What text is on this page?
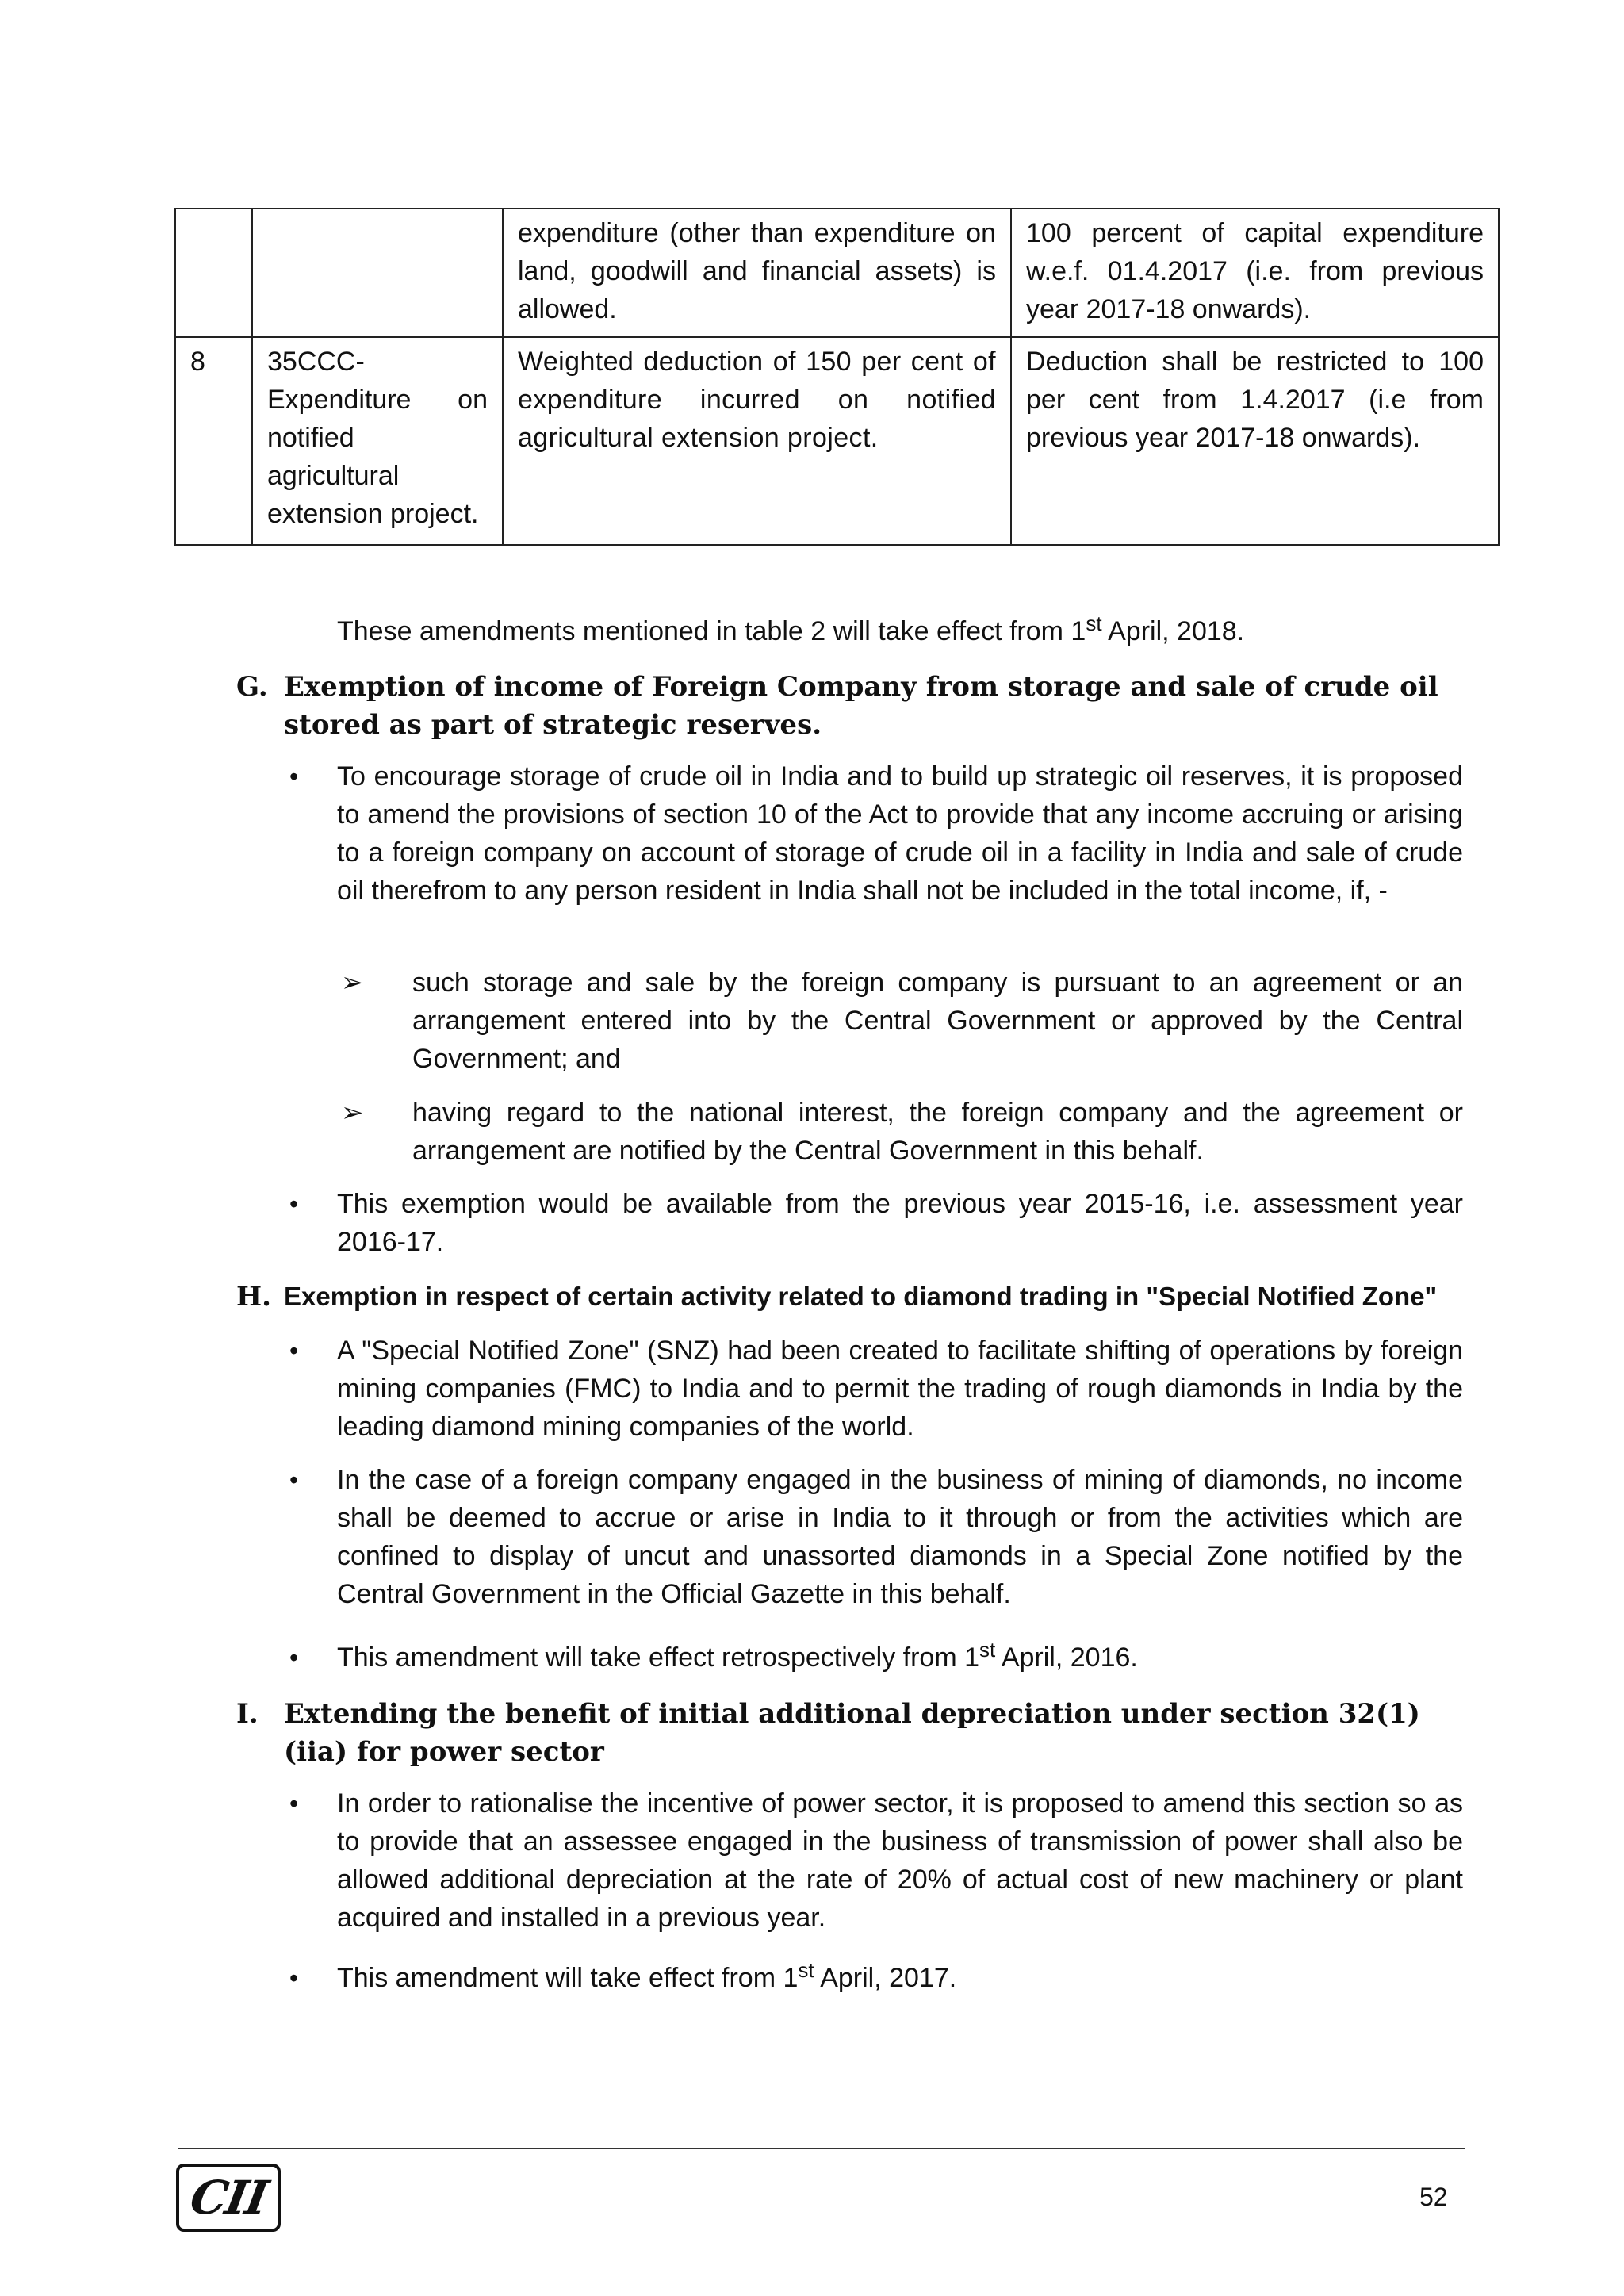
		expenditure (other than expenditure on land, goodwill and financial assets) is allowed.	100 percent of capital expenditure w.e.f. 01.4.2017 (i.e. from previous year 2017-18 onwards).
8	35CCC- Expenditure on notified agricultural extension project.	Weighted deduction of 150 per cent of expenditure incurred on notified agricultural extension project.	Deduction shall be restricted to 100 per cent from 1.4.2017 (i.e from previous year 2017-18 onwards).
These amendments mentioned in table 2 will take effect from 1st April, 2018.
G. Exemption of income of Foreign Company from storage and sale of crude oil stored as part of strategic reserves.
• To encourage storage of crude oil in India and to build up strategic oil reserves, it is proposed to amend the provisions of section 10 of the Act to provide that any income accruing or arising to a foreign company on account of storage of crude oil in a facility in India and sale of crude oil therefrom to any person resident in India shall not be included in the total income, if, -
➢ such storage and sale by the foreign company is pursuant to an agreement or an arrangement entered into by the Central Government or approved by the Central Government; and
➢ having regard to the national interest, the foreign company and the agreement or arrangement are notified by the Central Government in this behalf.
• This exemption would be available from the previous year 2015-16, i.e. assessment year 2016-17.
H. Exemption in respect of certain activity related to diamond trading in "Special Notified Zone"
• A "Special Notified Zone" (SNZ) had been created to facilitate shifting of operations by foreign mining companies (FMC) to India and to permit the trading of rough diamonds in India by the leading diamond mining companies of the world.
• In the case of a foreign company engaged in the business of mining of diamonds, no income shall be deemed to accrue or arise in India to it through or from the activities which are confined to display of uncut and unassorted diamonds in a Special Zone notified by the Central Government in the Official Gazette in this behalf.
• This amendment will take effect retrospectively from 1st April, 2016.
I. Extending the benefit of initial additional depreciation under section 32(1)(iia) for power sector
• In order to rationalise the incentive of power sector, it is proposed to amend this section so as to provide that an assessee engaged in the business of transmission of power shall also be allowed additional depreciation at the rate of 20% of actual cost of new machinery or plant acquired and installed in a previous year.
• This amendment will take effect from 1st April, 2017.
CII	52
